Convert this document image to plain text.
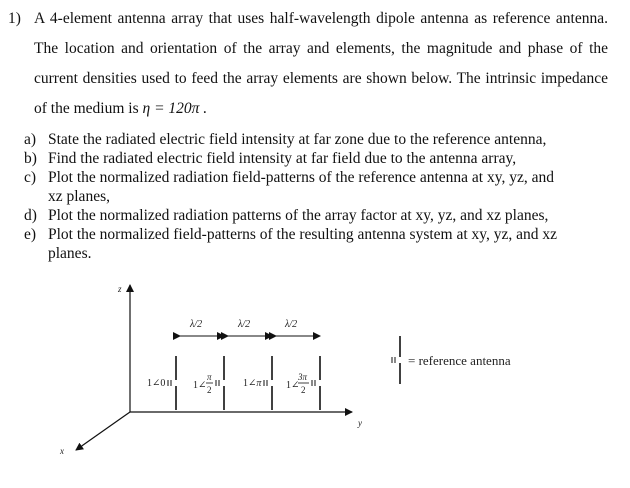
1) A 4-element antenna array that uses half-wavelength dipole antenna as reference antenna. The location and orientation of the array and elements, the magnitude and phase of the current densities used to feed the array elements are shown below. The intrinsic impedance of the medium is η = 120π .
a) State the radiated electric field intensity at far zone due to the reference antenna,
b) Find the radiated electric field intensity at far field due to the antenna array,
c) Plot the normalized radiation field-patterns of the reference antenna at xy, yz, and
xz planes,
d) Plot the normalized radiation patterns of the array factor at xy, yz, and xz planes,
e) Plot the normalized field-patterns of the resulting antenna system at xy, yz, and xz
planes.
z
y
x
λ/2	λ/2	λ/2
1∠0	1∠
π
2
1∠π 1∠
3π
2
= reference antenna
